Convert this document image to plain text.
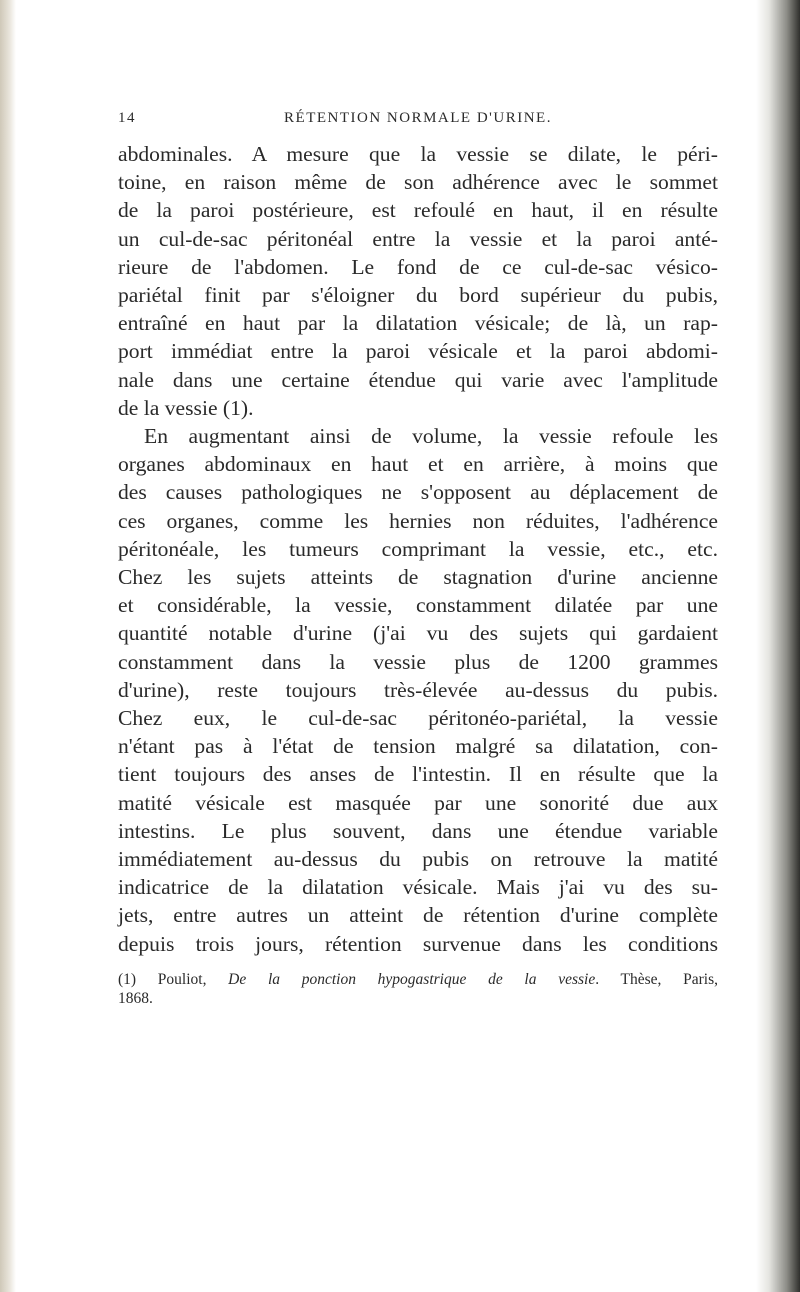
14	RÉTENTION NORMALE D'URINE.
abdominales. A mesure que la vessie se dilate, le péri-
toine, en raison même de son adhérence avec le sommet
de la paroi postérieure, est refoulé en haut, il en résulte
un cul-de-sac péritonéal entre la vessie et la paroi anté-
rieure de l'abdomen. Le fond de ce cul-de-sac vésico-
pariétal finit par s'éloigner du bord supérieur du pubis,
entraîné en haut par la dilatation vésicale; de là, un rap-
port immédiat entre la paroi vésicale et la paroi abdomi-
nale dans une certaine étendue qui varie avec l'amplitude
de la vessie (1).
En augmentant ainsi de volume, la vessie refoule les
organes abdominaux en haut et en arrière, à moins que
des causes pathologiques ne s'opposent au déplacement de
ces organes, comme les hernies non réduites, l'adhérence
péritonéale, les tumeurs comprimant la vessie, etc., etc.
Chez les sujets atteints de stagnation d'urine ancienne
et considérable, la vessie, constamment dilatée par une
quantité notable d'urine (j'ai vu des sujets qui gardaient
constamment dans la vessie plus de 1200 grammes
d'urine), reste toujours très-élevée au-dessus du pubis.
Chez eux, le cul-de-sac péritonéo-pariétal, la vessie
n'étant pas à l'état de tension malgré sa dilatation, con-
tient toujours des anses de l'intestin. Il en résulte que la
matité vésicale est masquée par une sonorité due aux
intestins. Le plus souvent, dans une étendue variable
immédiatement au-dessus du pubis on retrouve la matité
indicatrice de la dilatation vésicale. Mais j'ai vu des su-
jets, entre autres un atteint de rétention d'urine complète
depuis trois jours, rétention survenue dans les conditions
(1) Pouliot, De la ponction hypogastrique de la vessie. Thèse, Paris,
1868.
